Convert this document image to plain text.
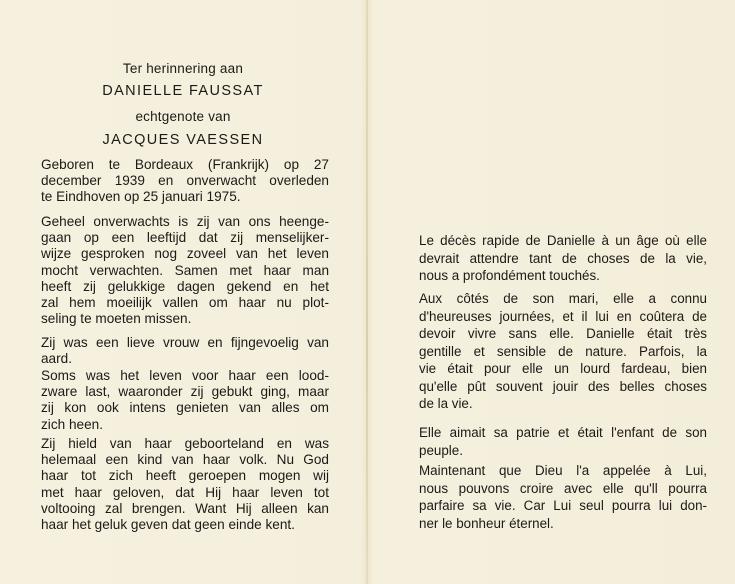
Ter herinnering aan
DANIELLE FAUSSAT
echtgenote van
JACQUES VAESSEN
Geboren te Bordeaux (Frankrijk) op 27
december 1939 en onverwacht overleden
te Eindhoven op 25 januari 1975.
Geheel onverwachts is zij van ons heenge-
gaan op een leeftijd dat zij menselijker-
wijze gesproken nog zoveel van het leven
mocht verwachten. Samen met haar man
heeft zij gelukkige dagen gekend en het
zal hem moeilijk vallen om haar nu plot-
seling te moeten missen.
Zij was een lieve vrouw en fijngevoelig van
aard.
Soms was het leven voor haar een lood-
zware last, waaronder zij gebukt ging, maar
zij kon ook intens genieten van alles om
zich heen.
Zij hield van haar geboorteland en was
helemaal een kind van haar volk. Nu God
haar tot zich heeft geroepen mogen wij
met haar geloven, dat Hij haar leven tot
voltooing zal brengen. Want Hij alleen kan
haar het geluk geven dat geen einde kent.
Le décès rapide de Danielle à un âge où elle
devrait attendre tant de choses de la vie,
nous a profondément touchés.
Aux côtés de son mari, elle a connu
d'heureuses journées, et il lui en coûtera de
devoir vivre sans elle. Danielle était très
gentille et sensible de nature. Parfois, la
vie était pour elle un lourd fardeau, bien
qu'elle pût souvent jouir des belles choses
de la vie.
Elle aimait sa patrie et était l'enfant de son
peuple.
Maintenant que Dieu l'a appelée à Lui,
nous pouvons croire avec elle qu'll pourra
parfaire sa vie. Car Lui seul pourra lui don-
ner le bonheur éternel.
